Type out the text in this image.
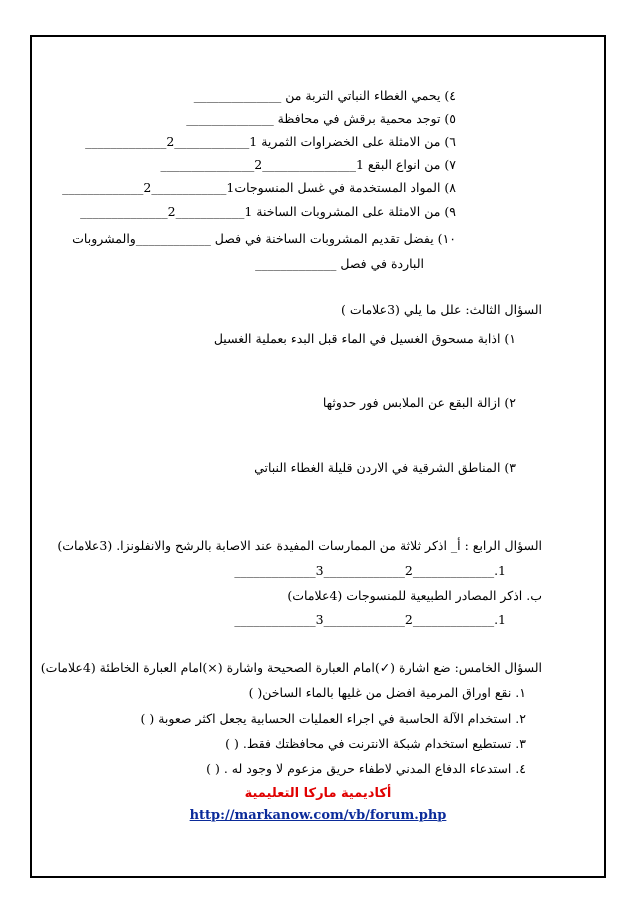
٤) يحمي الغطاء النباتي التربة من ______________
٥) توجد محمية برقش في محافظة ______________
٦) من الامثلة على الخضراوات الثمرية 1____________2_____________
٧) من انواع البقع 1_______________2_______________
٨) المواد المستخدمة في غسل المنسوجات1____________2_____________
٩) من الامثلة على المشروبات الساخنة 1___________2______________
١٠) يفضل تقديم المشروبات الساخنة في فصل ____________والمشروبات
الباردة في فصل _____________
السؤال الثالث: علل ما يلي (3علامات )
١) اذابة مسحوق الغسيل في الماء قبل البدء بعملية الغسيل
٢) ازالة البقع عن الملابس فور حدوثها
٣) المناطق الشرقية في الاردن قليلة الغطاء النباتي
السؤال الرابع : أ_ اذكر ثلاثة من الممارسات المفيدة عند الاصابة بالرشح والانفلونزا. (3علامات)
1._____________2_____________3_____________
ب. اذكر المصادر الطبيعية للمنسوجات (4علامات)
1._____________2_____________3_____________
السؤال الخامس: ضع اشارة (✓)امام العبارة الصحيحة واشارة (×)امام العبارة الخاطئة (4علامات)
١. نقع اوراق المرمية افضل من غليها بالماء الساخن( )
٢. استخدام الآلة الحاسبة في اجراء العمليات الحسابية يجعل اكثر صعوبة ( )
٣. تستطيع استخدام شبكة الانترنت في محافظتك فقط. ( )
٤. استدعاء الدفاع المدني لاطفاء حريق مزعوم لا وجود له . ( )
أكاديمية ماركا التعليمية
http://markanow.com/vb/forum.php
